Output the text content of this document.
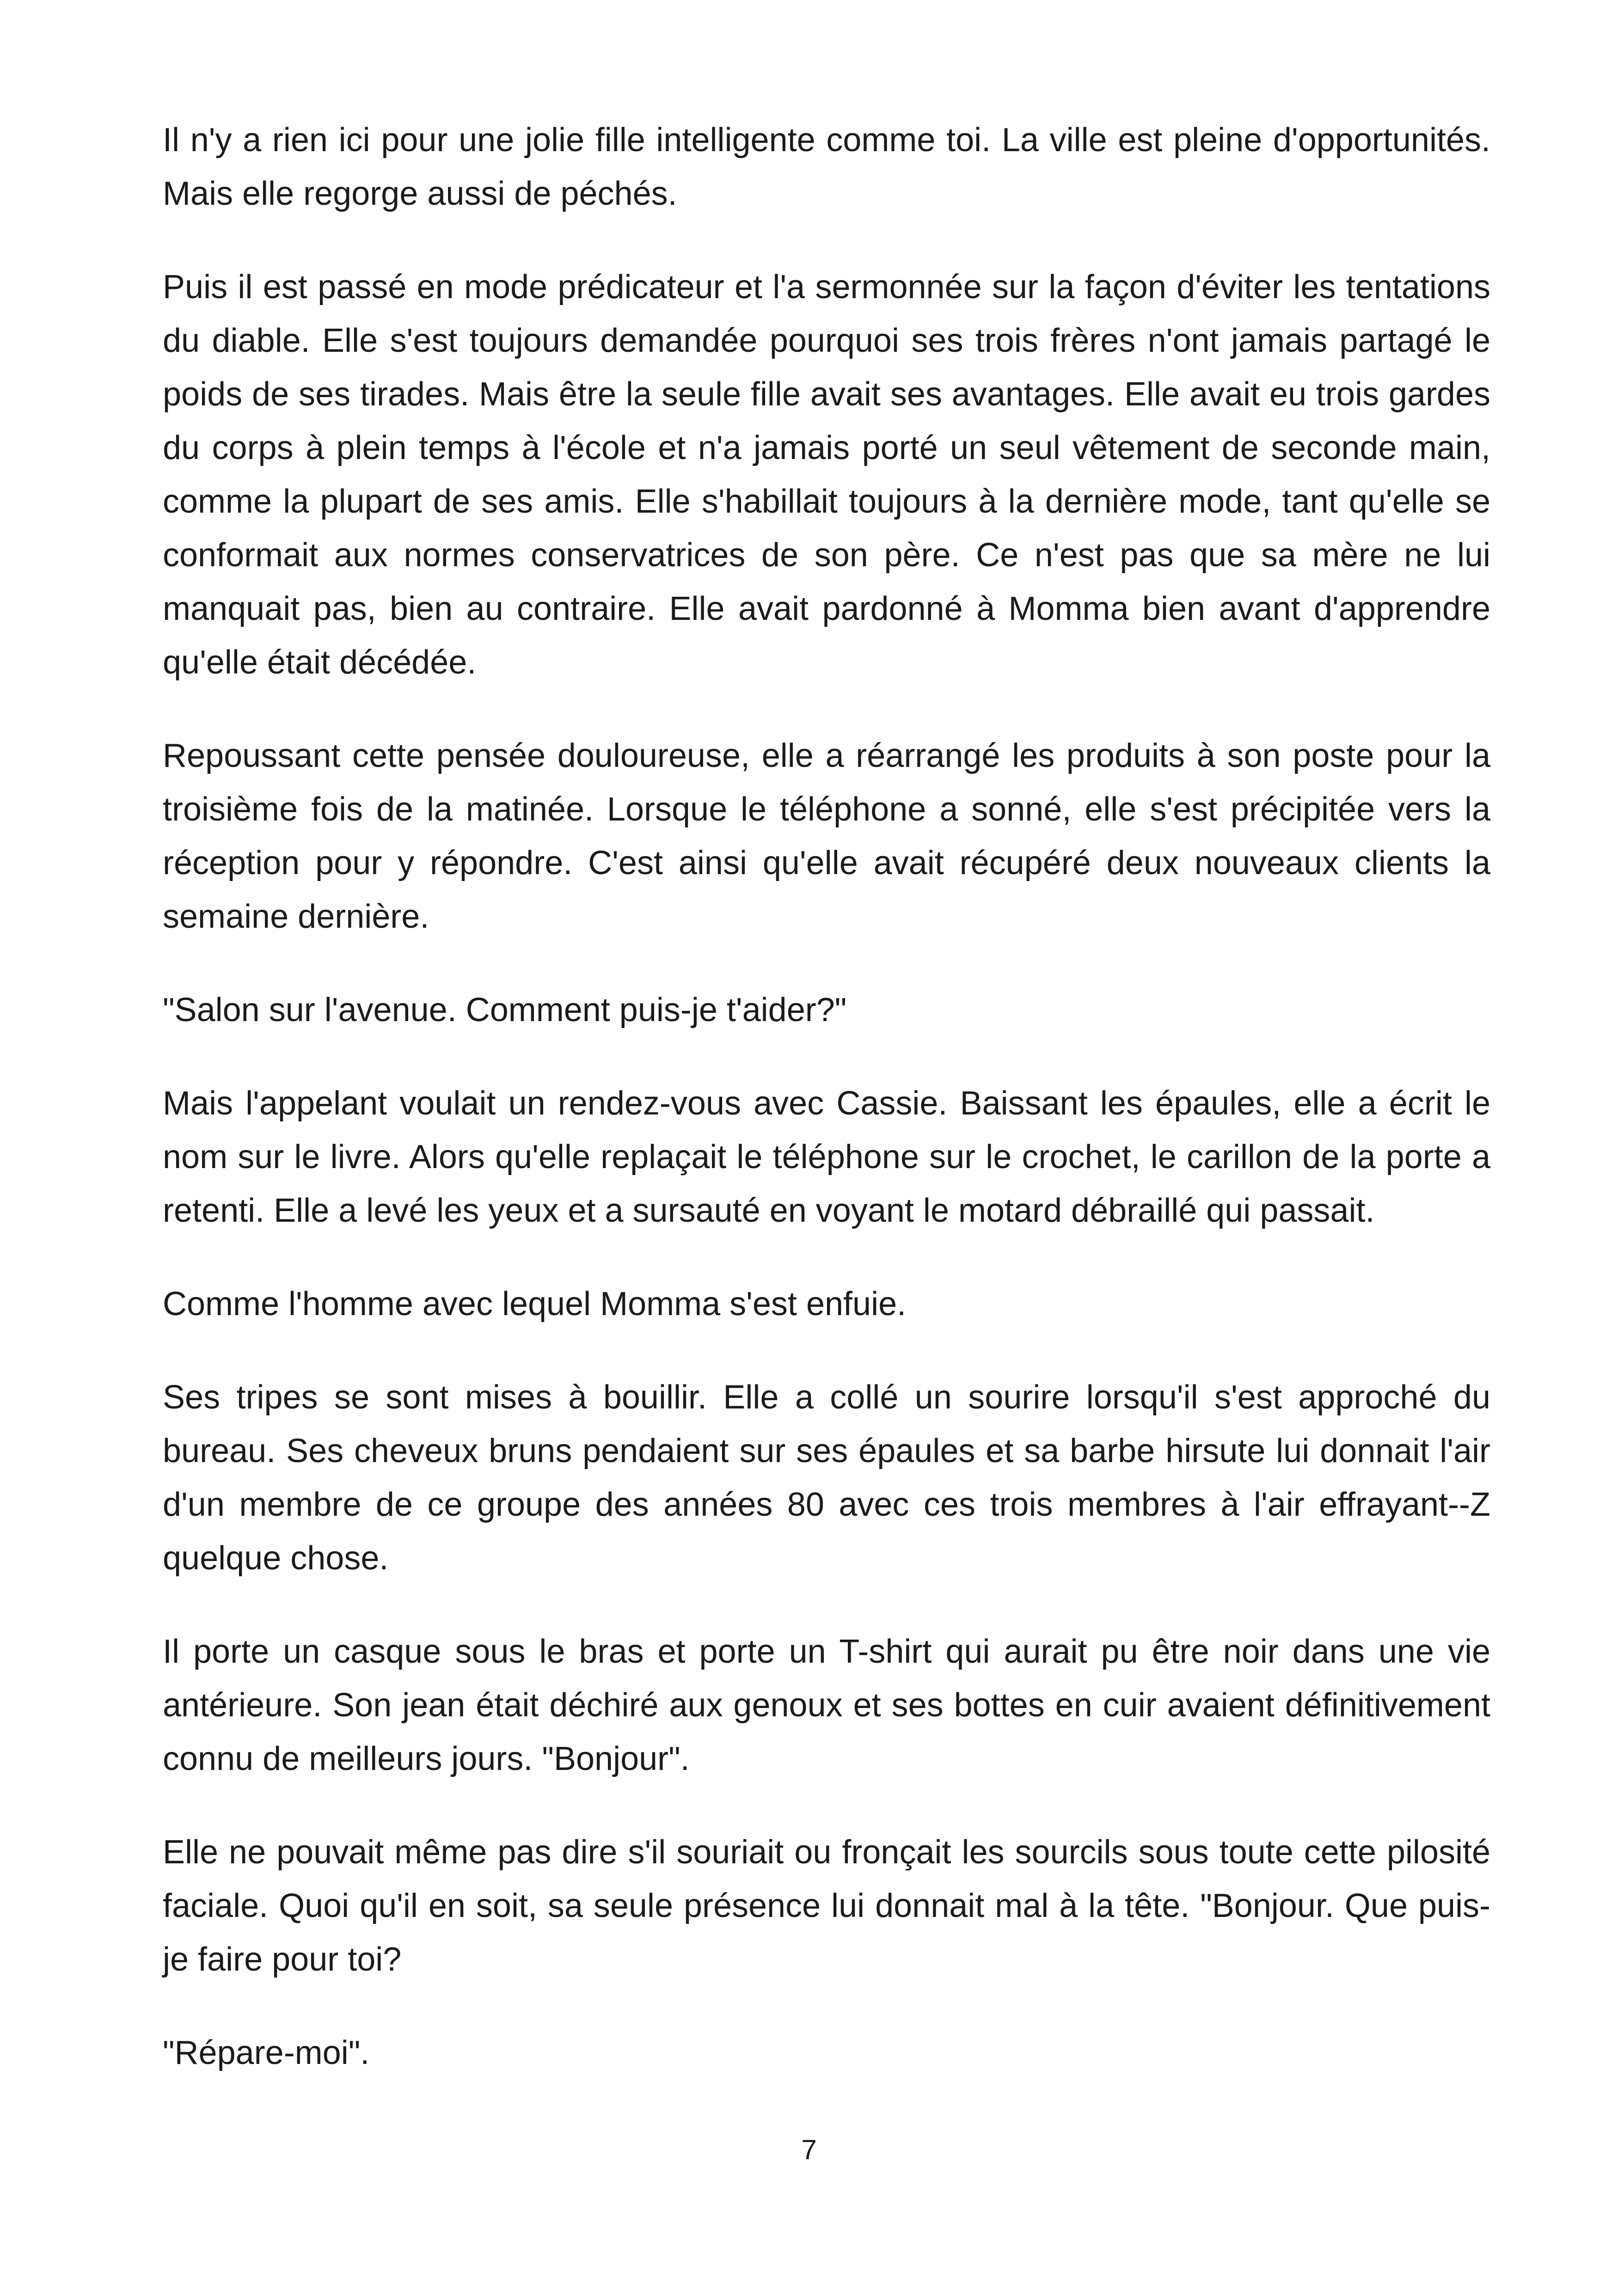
Il n'y a rien ici pour une jolie fille intelligente comme toi. La ville est pleine d'opportunités. Mais elle regorge aussi de péchés.

Puis il est passé en mode prédicateur et l'a sermonnée sur la façon d'éviter les tentations du diable. Elle s'est toujours demandée pourquoi ses trois frères n'ont jamais partagé le poids de ses tirades. Mais être la seule fille avait ses avantages. Elle avait eu trois gardes du corps à plein temps à l'école et n'a jamais porté un seul vêtement de seconde main, comme la plupart de ses amis. Elle s'habillait toujours à la dernière mode, tant qu'elle se conformait aux normes conservatrices de son père. Ce n'est pas que sa mère ne lui manquait pas, bien au contraire. Elle avait pardonné à Momma bien avant d'apprendre qu'elle était décédée.

Repoussant cette pensée douloureuse, elle a réarrangé les produits à son poste pour la troisième fois de la matinée. Lorsque le téléphone a sonné, elle s'est précipitée vers la réception pour y répondre. C'est ainsi qu'elle avait récupéré deux nouveaux clients la semaine dernière.

"Salon sur l'avenue. Comment puis-je t'aider?"

Mais l'appelant voulait un rendez-vous avec Cassie. Baissant les épaules, elle a écrit le nom sur le livre. Alors qu'elle replaçait le téléphone sur le crochet, le carillon de la porte a retenti. Elle a levé les yeux et a sursauté en voyant le motard débraillé qui passait.

Comme l'homme avec lequel Momma s'est enfuie.

Ses tripes se sont mises à bouillir. Elle a collé un sourire lorsqu'il s'est approché du bureau. Ses cheveux bruns pendaient sur ses épaules et sa barbe hirsute lui donnait l'air d'un membre de ce groupe des années 80 avec ces trois membres à l'air effrayant--Z quelque chose.

Il porte un casque sous le bras et porte un T-shirt qui aurait pu être noir dans une vie antérieure. Son jean était déchiré aux genoux et ses bottes en cuir avaient définitivement connu de meilleurs jours. "Bonjour".

Elle ne pouvait même pas dire s'il souriait ou fronçait les sourcils sous toute cette pilosité faciale. Quoi qu'il en soit, sa seule présence lui donnait mal à la tête. "Bonjour. Que puis-je faire pour toi?

"Répare-moi".

7
